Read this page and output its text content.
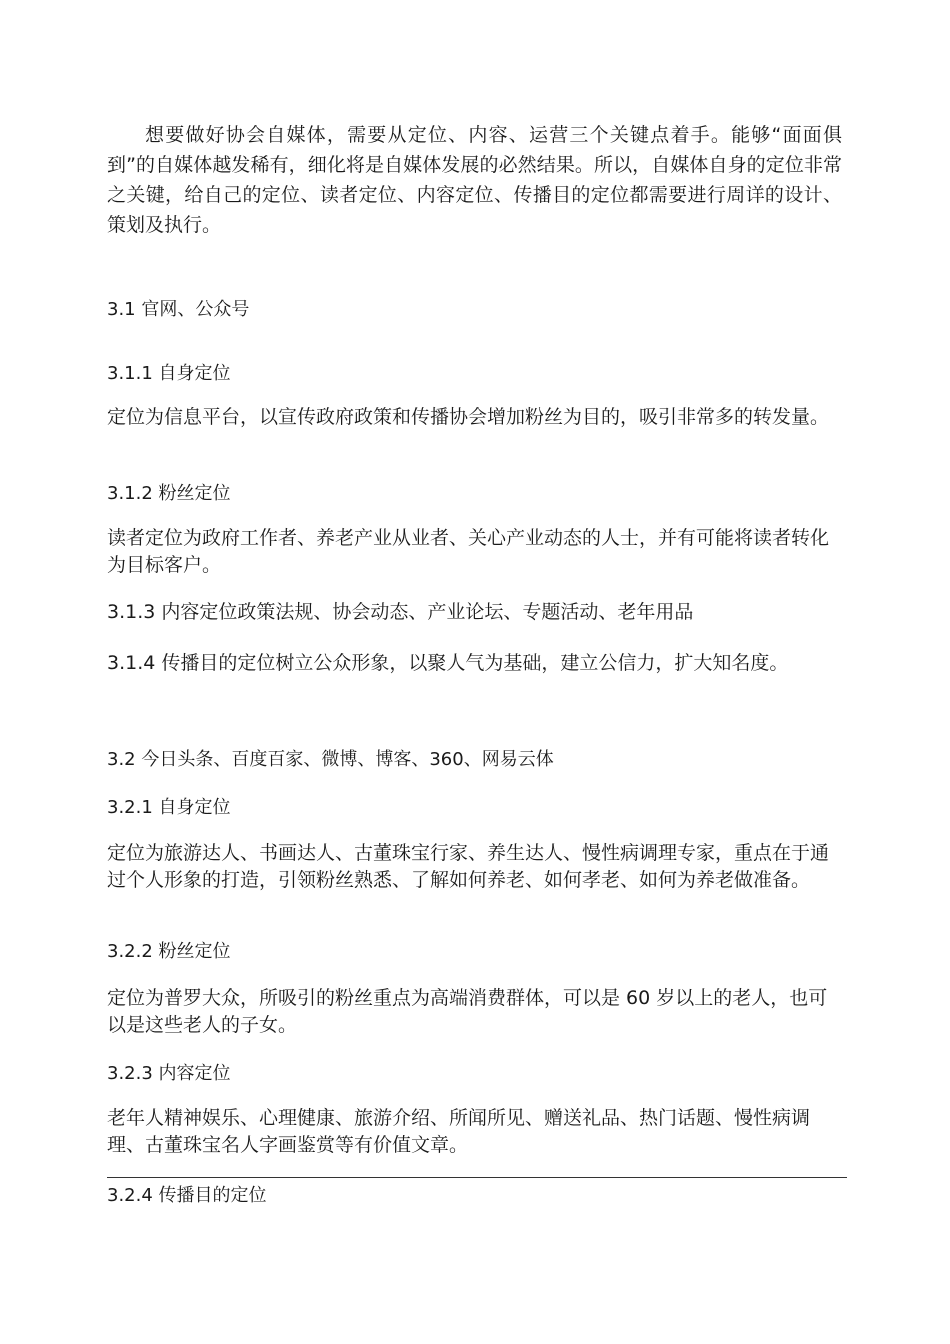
想要做好协会自媒体，需要从定位、内容、运营三个关键点着手。能够“面面俱到”的自媒体越发稀有，细化将是自媒体发展的必然结果。所以，自媒体自身的定位非常之关键，给自己的定位、读者定位、内容定位、传播目的定位都需要进行周详的设计、策划及执行。

3.1 官网、公众号

3.1.1 自身定位

定位为信息平台，以宣传政府政策和传播协会增加粉丝为目的，吸引非常多的转发量。

3.1.2 粉丝定位

读者定位为政府工作者、养老产业从业者、关心产业动态的人士，并有可能将读者转化为目标客户。

3.1.3 内容定位政策法规、协会动态、产业论坛、专题活动、老年用品

3.1.4 传播目的定位树立公众形象，以聚人气为基础，建立公信力，扩大知名度。

3.2 今日头条、百度百家、微博、博客、360、网易云体

3.2.1 自身定位

定位为旅游达人、书画达人、古董珠宝行家、养生达人、慢性病调理专家，重点在于通过个人形象的打造，引领粉丝熟悉、了解如何养老、如何孝老、如何为养老做准备。

3.2.2 粉丝定位

定位为普罗大众，所吸引的粉丝重点为高端消费群体，可以是 60 岁以上的老人，也可以是这些老人的子女。

3.2.3 内容定位

老年人精神娱乐、心理健康、旅游介绍、所闻所见、赠送礼品、热门话题、慢性病调理、古董珠宝名人字画鉴赏等有价值文章。

3.2.4 传播目的定位
